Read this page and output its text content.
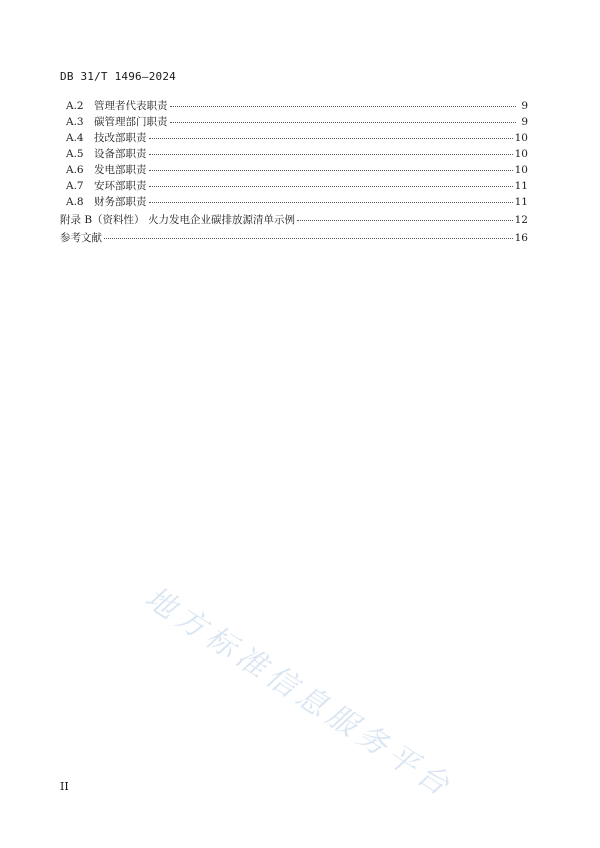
DB 31/T 1496—2024
A.2 管理者代表职责	9
A.3 碳管理部门职责	9
A.4 技改部职责	10
A.5 设备部职责	10
A.6 发电部职责	10
A.7 安环部职责	11
A.8 财务部职责	11
附录 B（资料性） 火力发电企业碳排放源清单示例	12
参考文献	16
地方标准信息服务平台
II
